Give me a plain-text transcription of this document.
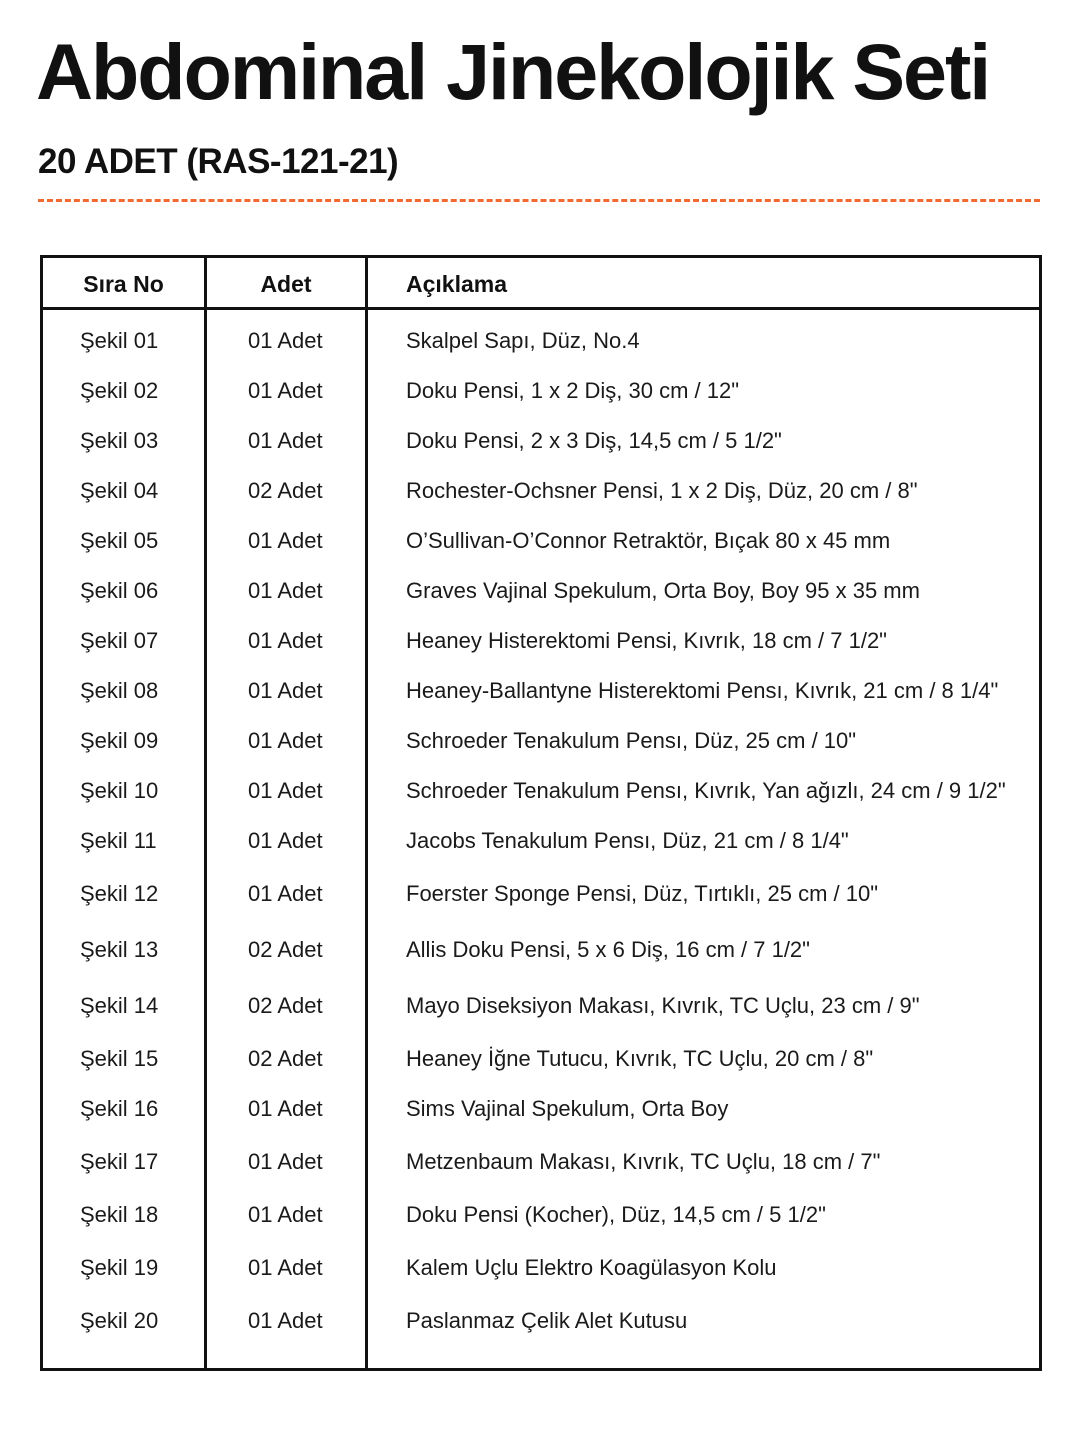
Abdominal Jinekolojik Seti
20 ADET (RAS-121-21)
Sıra No	Adet	Açıklama
Şekil 01	01 Adet	Skalpel Sapı, Düz, No.4
Şekil 02	01 Adet	Doku Pensi, 1 x 2 Diş, 30 cm / 12"
Şekil 03	01 Adet	Doku Pensi, 2 x 3 Diş, 14,5 cm / 5 1/2"
Şekil 04	02 Adet	Rochester-Ochsner Pensi, 1 x 2 Diş, Düz, 20 cm / 8"
Şekil 05	01 Adet	O’Sullivan-O’Connor Retraktör, Bıçak 80 x 45 mm
Şekil 06	01 Adet	Graves Vajinal Spekulum, Orta Boy, Boy 95 x 35 mm
Şekil 07	01 Adet	Heaney Histerektomi Pensi, Kıvrık, 18 cm / 7 1/2"
Şekil 08	01 Adet	Heaney-Ballantyne Histerektomi Pensı, Kıvrık, 21 cm / 8 1/4"
Şekil 09	01 Adet	Schroeder Tenakulum Pensı, Düz, 25 cm / 10"
Şekil 10	01 Adet	Schroeder Tenakulum Pensı, Kıvrık, Yan ağızlı, 24 cm / 9 1/2"
Şekil 11	01 Adet	Jacobs Tenakulum Pensı, Düz, 21 cm / 8 1/4"
Şekil 12	01 Adet	Foerster Sponge Pensi, Düz, Tırtıklı, 25 cm / 10"
Şekil 13	02 Adet	Allis Doku Pensi, 5 x 6 Diş, 16 cm / 7 1/2"
Şekil 14	02 Adet	Mayo Diseksiyon Makası, Kıvrık, TC Uçlu, 23 cm / 9"
Şekil 15	02 Adet	Heaney İğne Tutucu, Kıvrık, TC Uçlu, 20 cm / 8"
Şekil 16	01 Adet	Sims Vajinal Spekulum, Orta Boy
Şekil 17	01 Adet	Metzenbaum Makası, Kıvrık, TC Uçlu, 18 cm / 7"
Şekil 18	01 Adet	Doku Pensi (Kocher), Düz, 14,5 cm / 5 1/2"
Şekil 19	01 Adet	Kalem Uçlu Elektro Koagülasyon Kolu
Şekil 20	01 Adet	Paslanmaz Çelik Alet Kutusu
